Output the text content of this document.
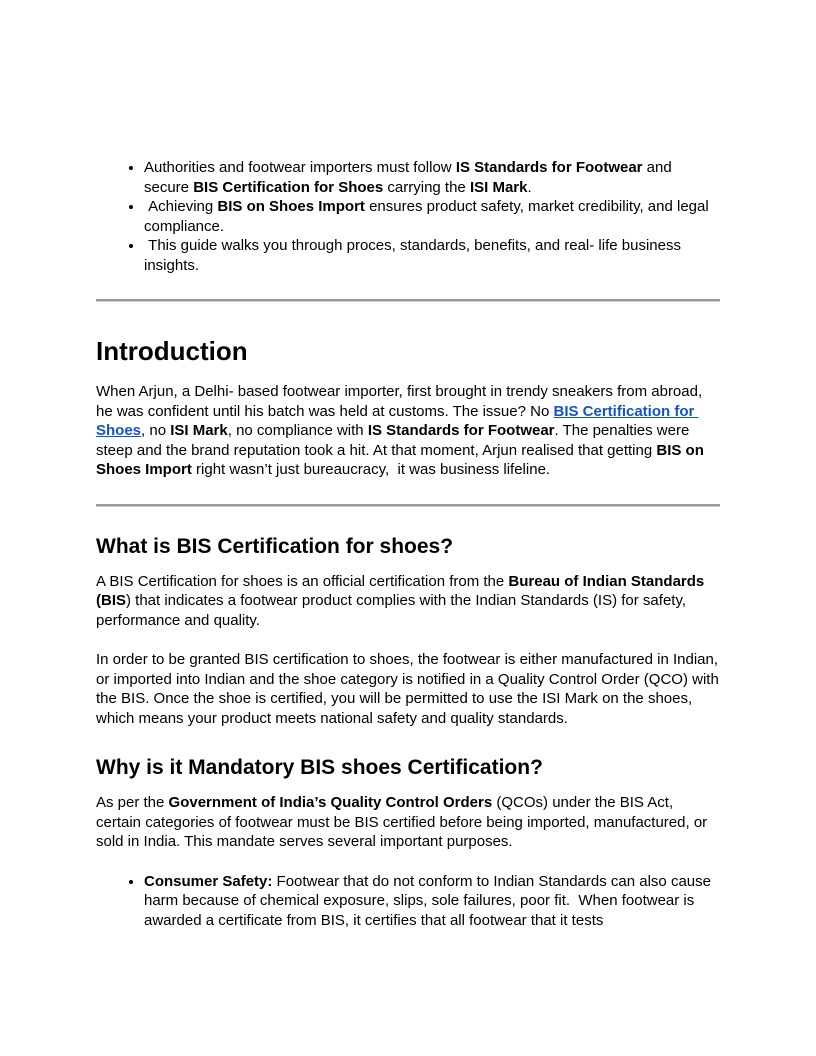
• Authorities and footwear importers must follow IS Standards for Footwear and secure BIS Certification for Shoes carrying the ISI Mark.
•  Achieving BIS on Shoes Import ensures product safety, market credibility, and legal compliance.
•  This guide walks you through proces, standards, benefits, and real- life business insights.
Introduction

When Arjun, a Delhi- based footwear importer, first brought in trendy sneakers from abroad, he was confident until his batch was held at customs. The issue? No BIS Certification for Shoes, no ISI Mark, no compliance with IS Standards for Footwear. The penalties were steep and the brand reputation took a hit. At that moment, Arjun realised that getting BIS on Shoes Import right wasn’t just bureaucracy,  it was business lifeline.

What is BIS Certification for shoes?

A BIS Certification for shoes is an official certification from the Bureau of Indian Standards (BIS) that indicates a footwear product complies with the Indian Standards (IS) for safety, performance and quality.

In order to be granted BIS certification to shoes, the footwear is either manufactured in Indian, or imported into Indian and the shoe category is notified in a Quality Control Order (QCO) with the BIS. Once the shoe is certified, you will be permitted to use the ISI Mark on the shoes, which means your product meets national safety and quality standards.

Why is it Mandatory BIS shoes Certification?

As per the Government of India’s Quality Control Orders (QCOs) under the BIS Act, certain categories of footwear must be BIS certified before being imported, manufactured, or sold in India. This mandate serves several important purposes.

• Consumer Safety: Footwear that do not conform to Indian Standards can also cause harm because of chemical exposure, slips, sole failures, poor fit.  When footwear is awarded a certificate from BIS, it certifies that all footwear that it tests
